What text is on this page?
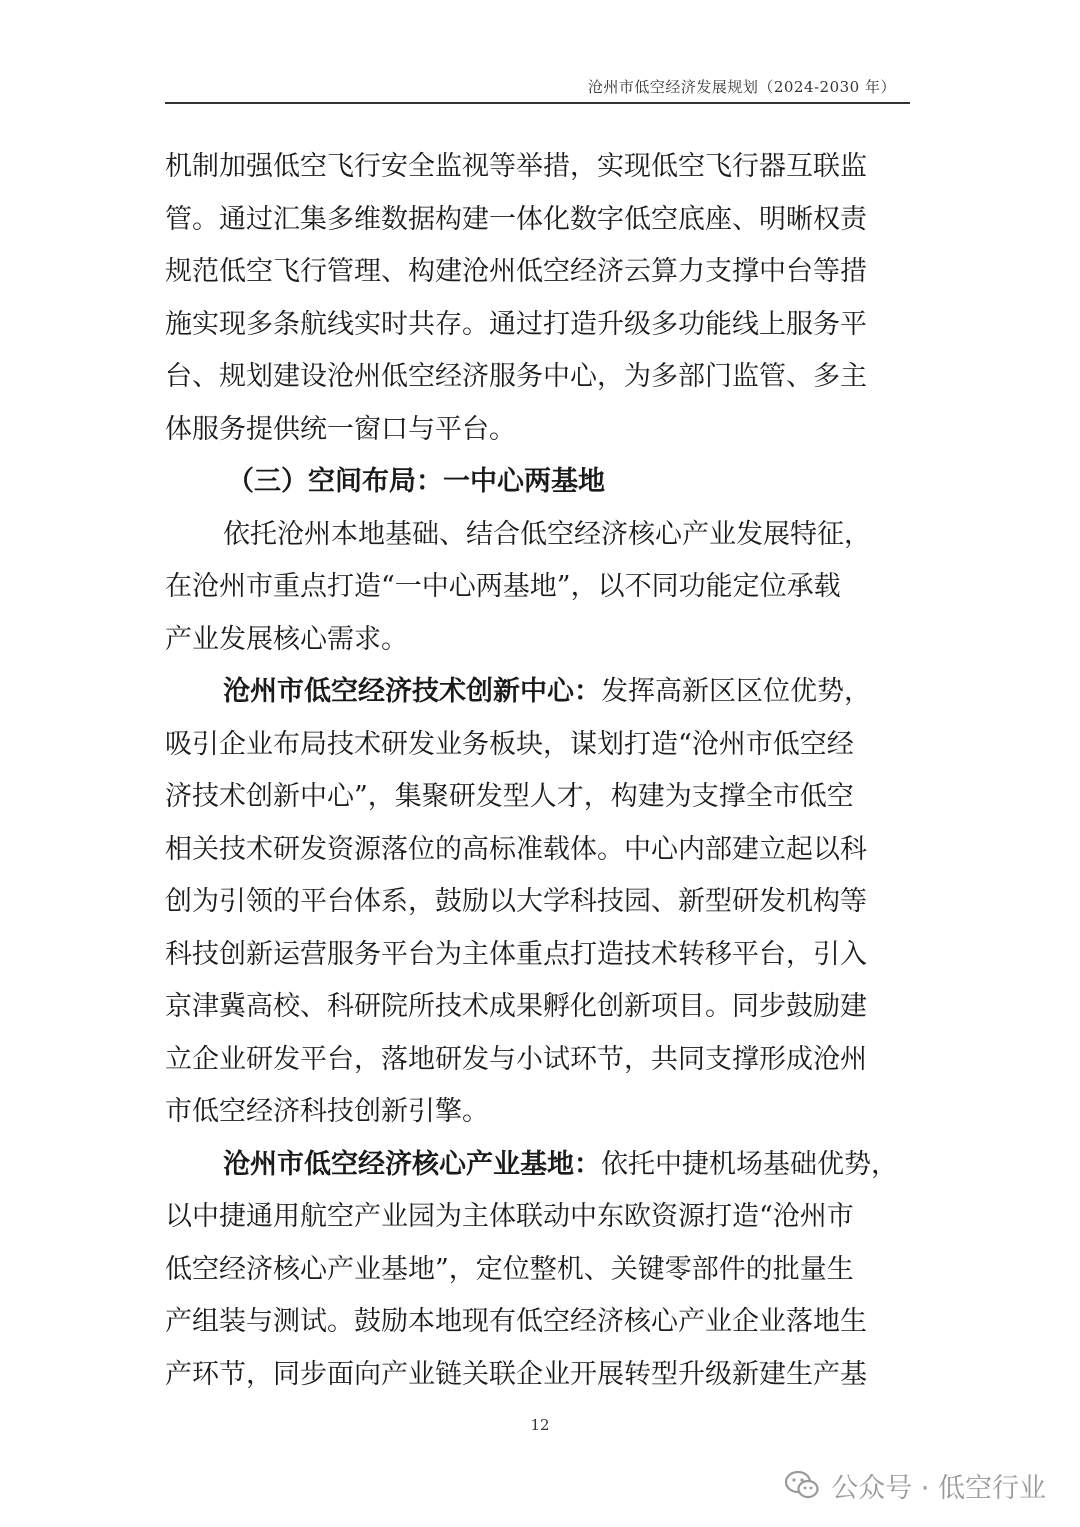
沧州市低空经济发展规划（2024-2030 年）
机制加强低空飞行安全监视等举措，实现低空飞行器互联监
管。通过汇集多维数据构建一体化数字低空底座、明晰权责
规范低空飞行管理、构建沧州低空经济云算力支撑中台等措
施实现多条航线实时共存。通过打造升级多功能线上服务平
台、规划建设沧州低空经济服务中心，为多部门监管、多主
体服务提供统一窗口与平台。
（三）空间布局：一中心两基地
依托沧州本地基础、结合低空经济核心产业发展特征，
在沧州市重点打造“一中心两基地”，以不同功能定位承载
产业发展核心需求。
沧州市低空经济技术创新中心：发挥高新区区位优势，
吸引企业布局技术研发业务板块，谋划打造“沧州市低空经
济技术创新中心”，集聚研发型人才，构建为支撑全市低空
相关技术研发资源落位的高标准载体。中心内部建立起以科
创为引领的平台体系，鼓励以大学科技园、新型研发机构等
科技创新运营服务平台为主体重点打造技术转移平台，引入
京津冀高校、科研院所技术成果孵化创新项目。同步鼓励建
立企业研发平台，落地研发与小试环节，共同支撑形成沧州
市低空经济科技创新引擎。
沧州市低空经济核心产业基地：依托中捷机场基础优势，
以中捷通用航空产业园为主体联动中东欧资源打造“沧州市
低空经济核心产业基地”，定位整机、关键零部件的批量生
产组装与测试。鼓励本地现有低空经济核心产业企业落地生
产环节，同步面向产业链关联企业开展转型升级新建生产基
12
公众号 · 低空行业
